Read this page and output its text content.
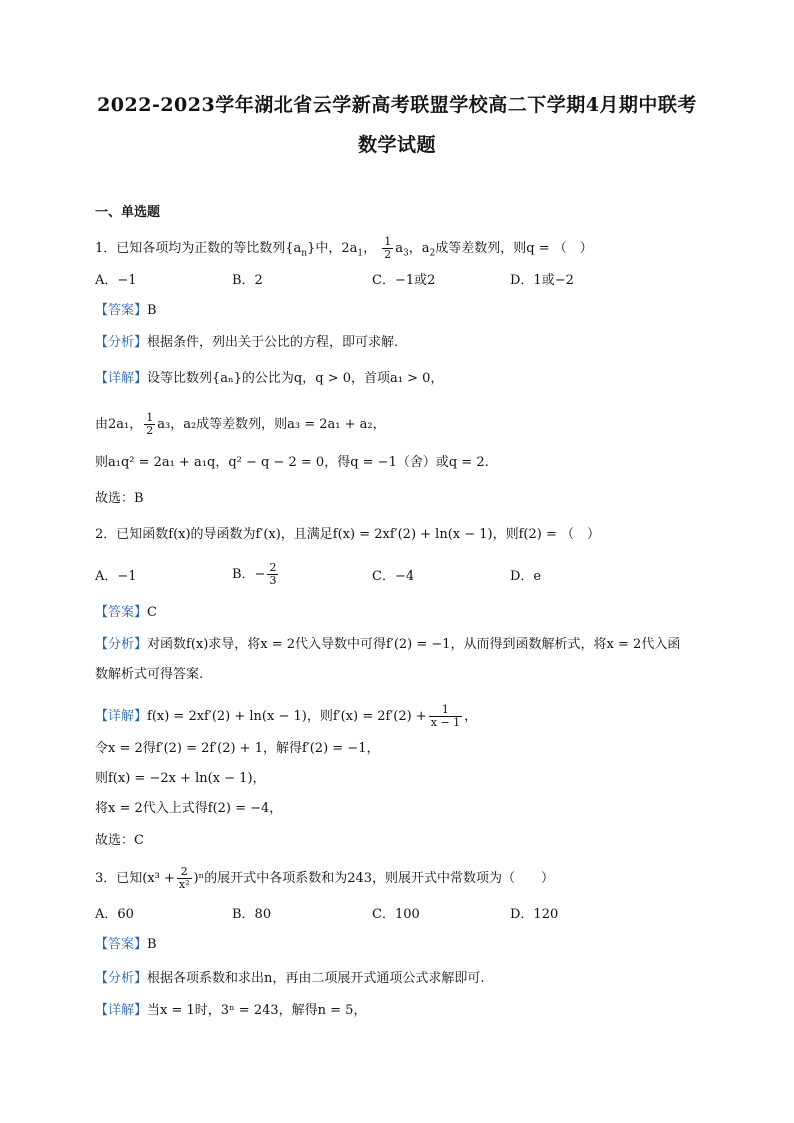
2022-2023学年湖北省云学新高考联盟学校高二下学期4月期中联考
数学试题
一、单选题
1．已知各项均为正数的等比数列$\{a_n\}$中，$2a_1$， $\frac{1}{2} a_3$，$a_2$成等差数列，则q = （　）
A．−1	B．2	C．−1或2	D．1或−2
【答案】B
【分析】根据条件，列出关于公比的方程，即可求解.
【详解】设等比数列{aₙ}的公比为q，q > 0，首项a₁ > 0，
由2a₁， $\frac{1}{2} a_3$，a₂成等差数列，则a₃ = 2a₁ + a₂，
则a₁q² = 2a₁ + a₁q，q² − q − 2 = 0，得q = −1（舍）或q = 2.
故选：B
2．已知函数f(x)的导函数为f′(x)，且满足f(x) = 2xf′(2) + ln(x − 1)，则f(2) = （　）
A．−1	B．− $\frac{2}{3}$	C．−4	D．e
【答案】C
【分析】对函数f(x)求导，将x = 2代入导数中可得f′(2) = −1，从而得到函数解析式，将x = 2代入函
数解析式可得答案.
【详解】f(x) = 2xf′(2) + ln(x − 1)，则$f'(x) = 2f'(2) + \frac{1}{x - 1}$ ，
令x = 2得f′(2) = 2f′(2) + 1，解得f′(2) = −1，
则f(x) = −2x + ln(x − 1)，
将x = 2代入上式得f(2) = −4，
故选：C
3．已知$(x^3 + \frac{2}{\text{x²}} )^n$的展开式中各项系数和为243，则展开式中常数项为（　　）
A．60	B．80	C．100	D．120
【答案】B
【分析】根据各项系数和求出n，再由二项展开式通项公式求解即可.
【详解】当x = 1时，3ⁿ = 243，解得n = 5，
